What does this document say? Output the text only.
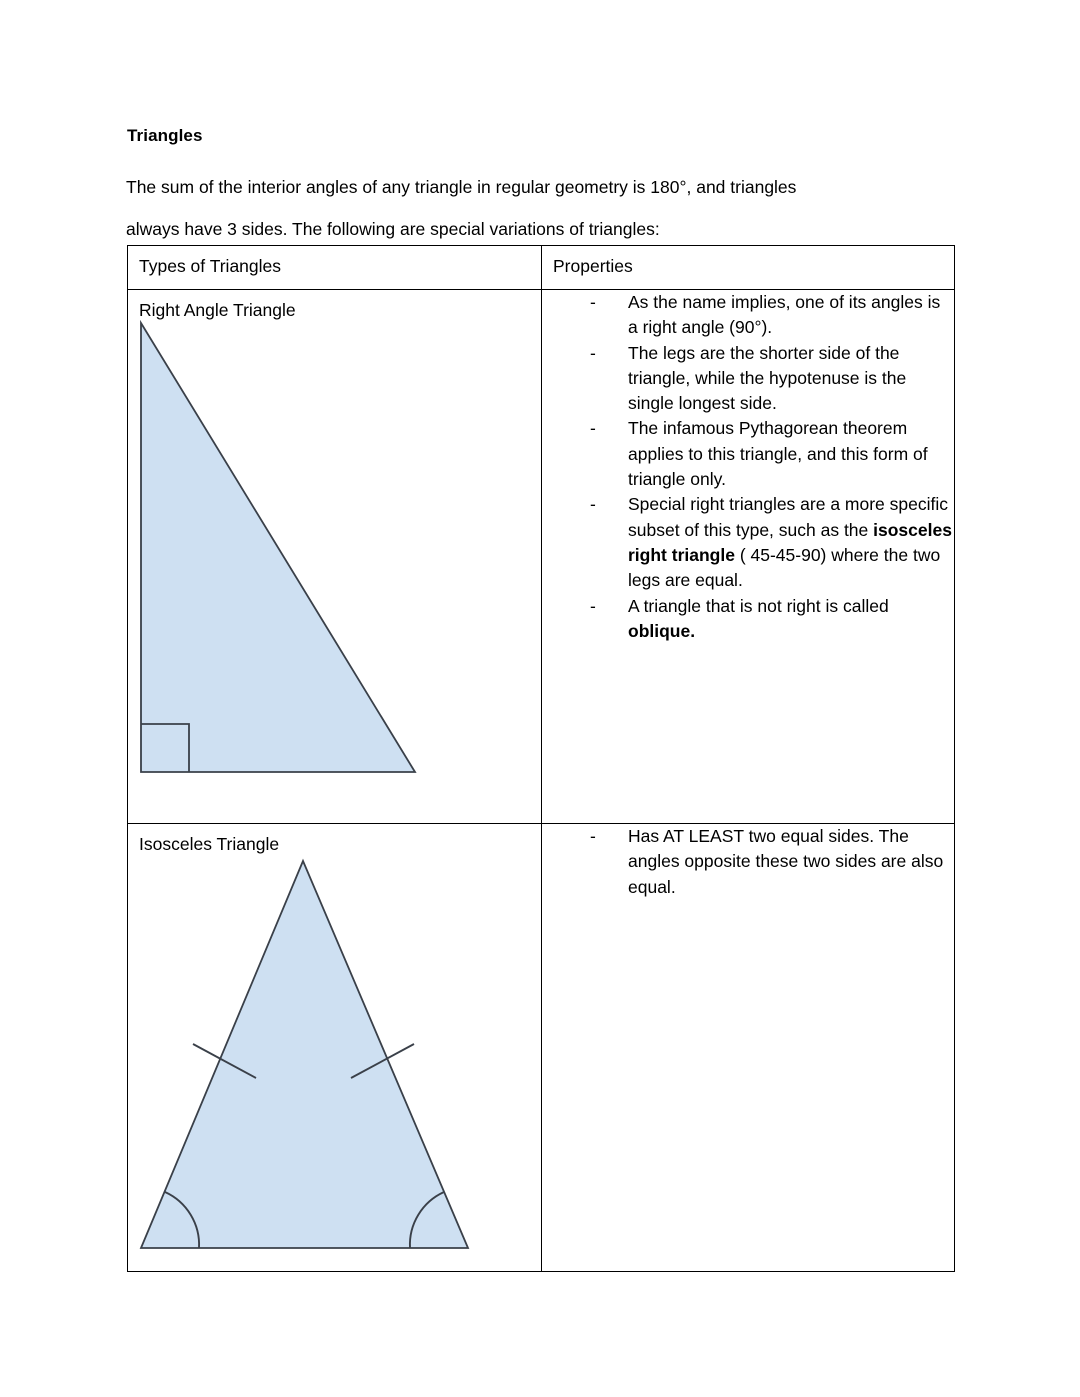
Triangles
The sum of the interior angles of any triangle in regular geometry is 180°, and triangles
always have 3 sides. The following are special variations of triangles:
Types of Triangles	Properties

Right Angle Triangle	- As the name implies, one of its angles is a right angle (90°).
- The legs are the shorter side of the triangle, while the hypotenuse is the single longest side.
- The infamous Pythagorean theorem applies to this triangle, and this form of triangle only.
- Special right triangles are a more specific subset of this type, such as the isosceles right triangle ( 45-45-90) where the two legs are equal.
- A triangle that is not right is called oblique.

Isosceles Triangle	- Has AT LEAST two equal sides. The angles opposite these two sides are also equal.
